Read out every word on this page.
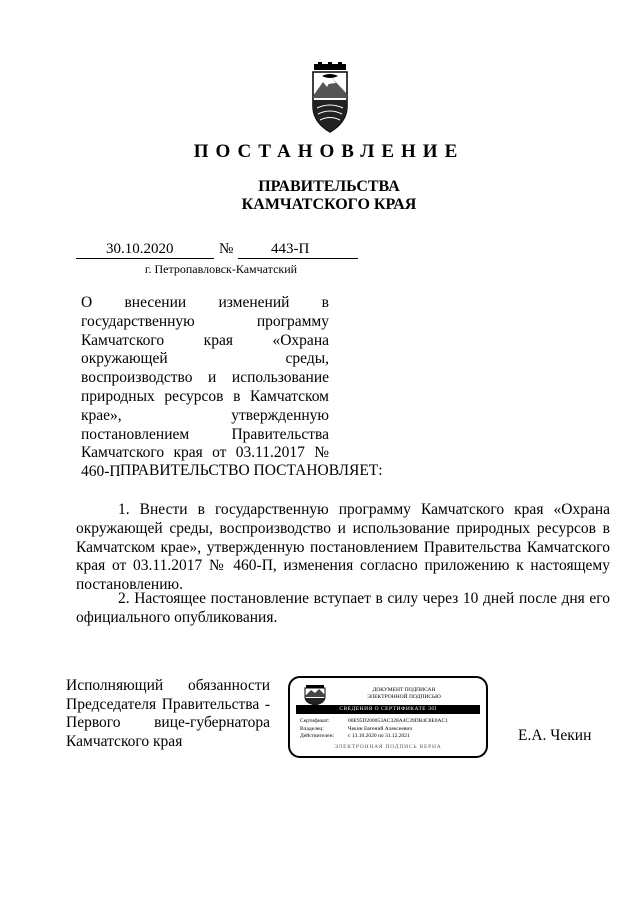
ПОСТАНОВЛЕНИЕ
ПРАВИТЕЛЬСТВА
КАМЧАТСКОГО КРАЯ
30.10.2020	№	443-П
г. Петропавловск-Камчатский
О внесении изменений в государственную программу Камчатского края «Охрана окружающей среды, воспроизводство и использование природных ресурсов в Камчатском крае», утвержденную постановлением Правительства Камчатского края от 03.11.2017 № 460-П ПРАВИТЕЛЬСТВО ПОСТАНОВЛЯЕТ:
1. Внести в государственную программу Камчатского края «Охрана окружающей среды, воспроизводство и использование природных ресурсов в Камчатском крае», утвержденную постановлением Правительства Камчатского края от 03.11.2017 № 460-П, изменения согласно приложению к настоящему постановлению.
2. Настоящее постановление вступает в силу через 10 дней после дня его официального опубликования.
Исполняющий обязанности
Председателя Правительства -
Первого вице-губернатора
Камчатского края
ДОКУМЕНТ ПОДПИСАН
ЭЛЕКТРОННОЙ ПОДПИСЬЮ
СВЕДЕНИЯ О СЕРТИФИКАТЕ ЭП
Сертификат:	00E95D200053AC328A4C39DB4C8E0AC1
Владелец:	Чекин Евгений Алексеевич
Действителен:	с 13.10.2020 по 31.12.2021
ЭЛЕКТРОННАЯ ПОДПИСЬ ВЕРНА
Е.А. Чекин
